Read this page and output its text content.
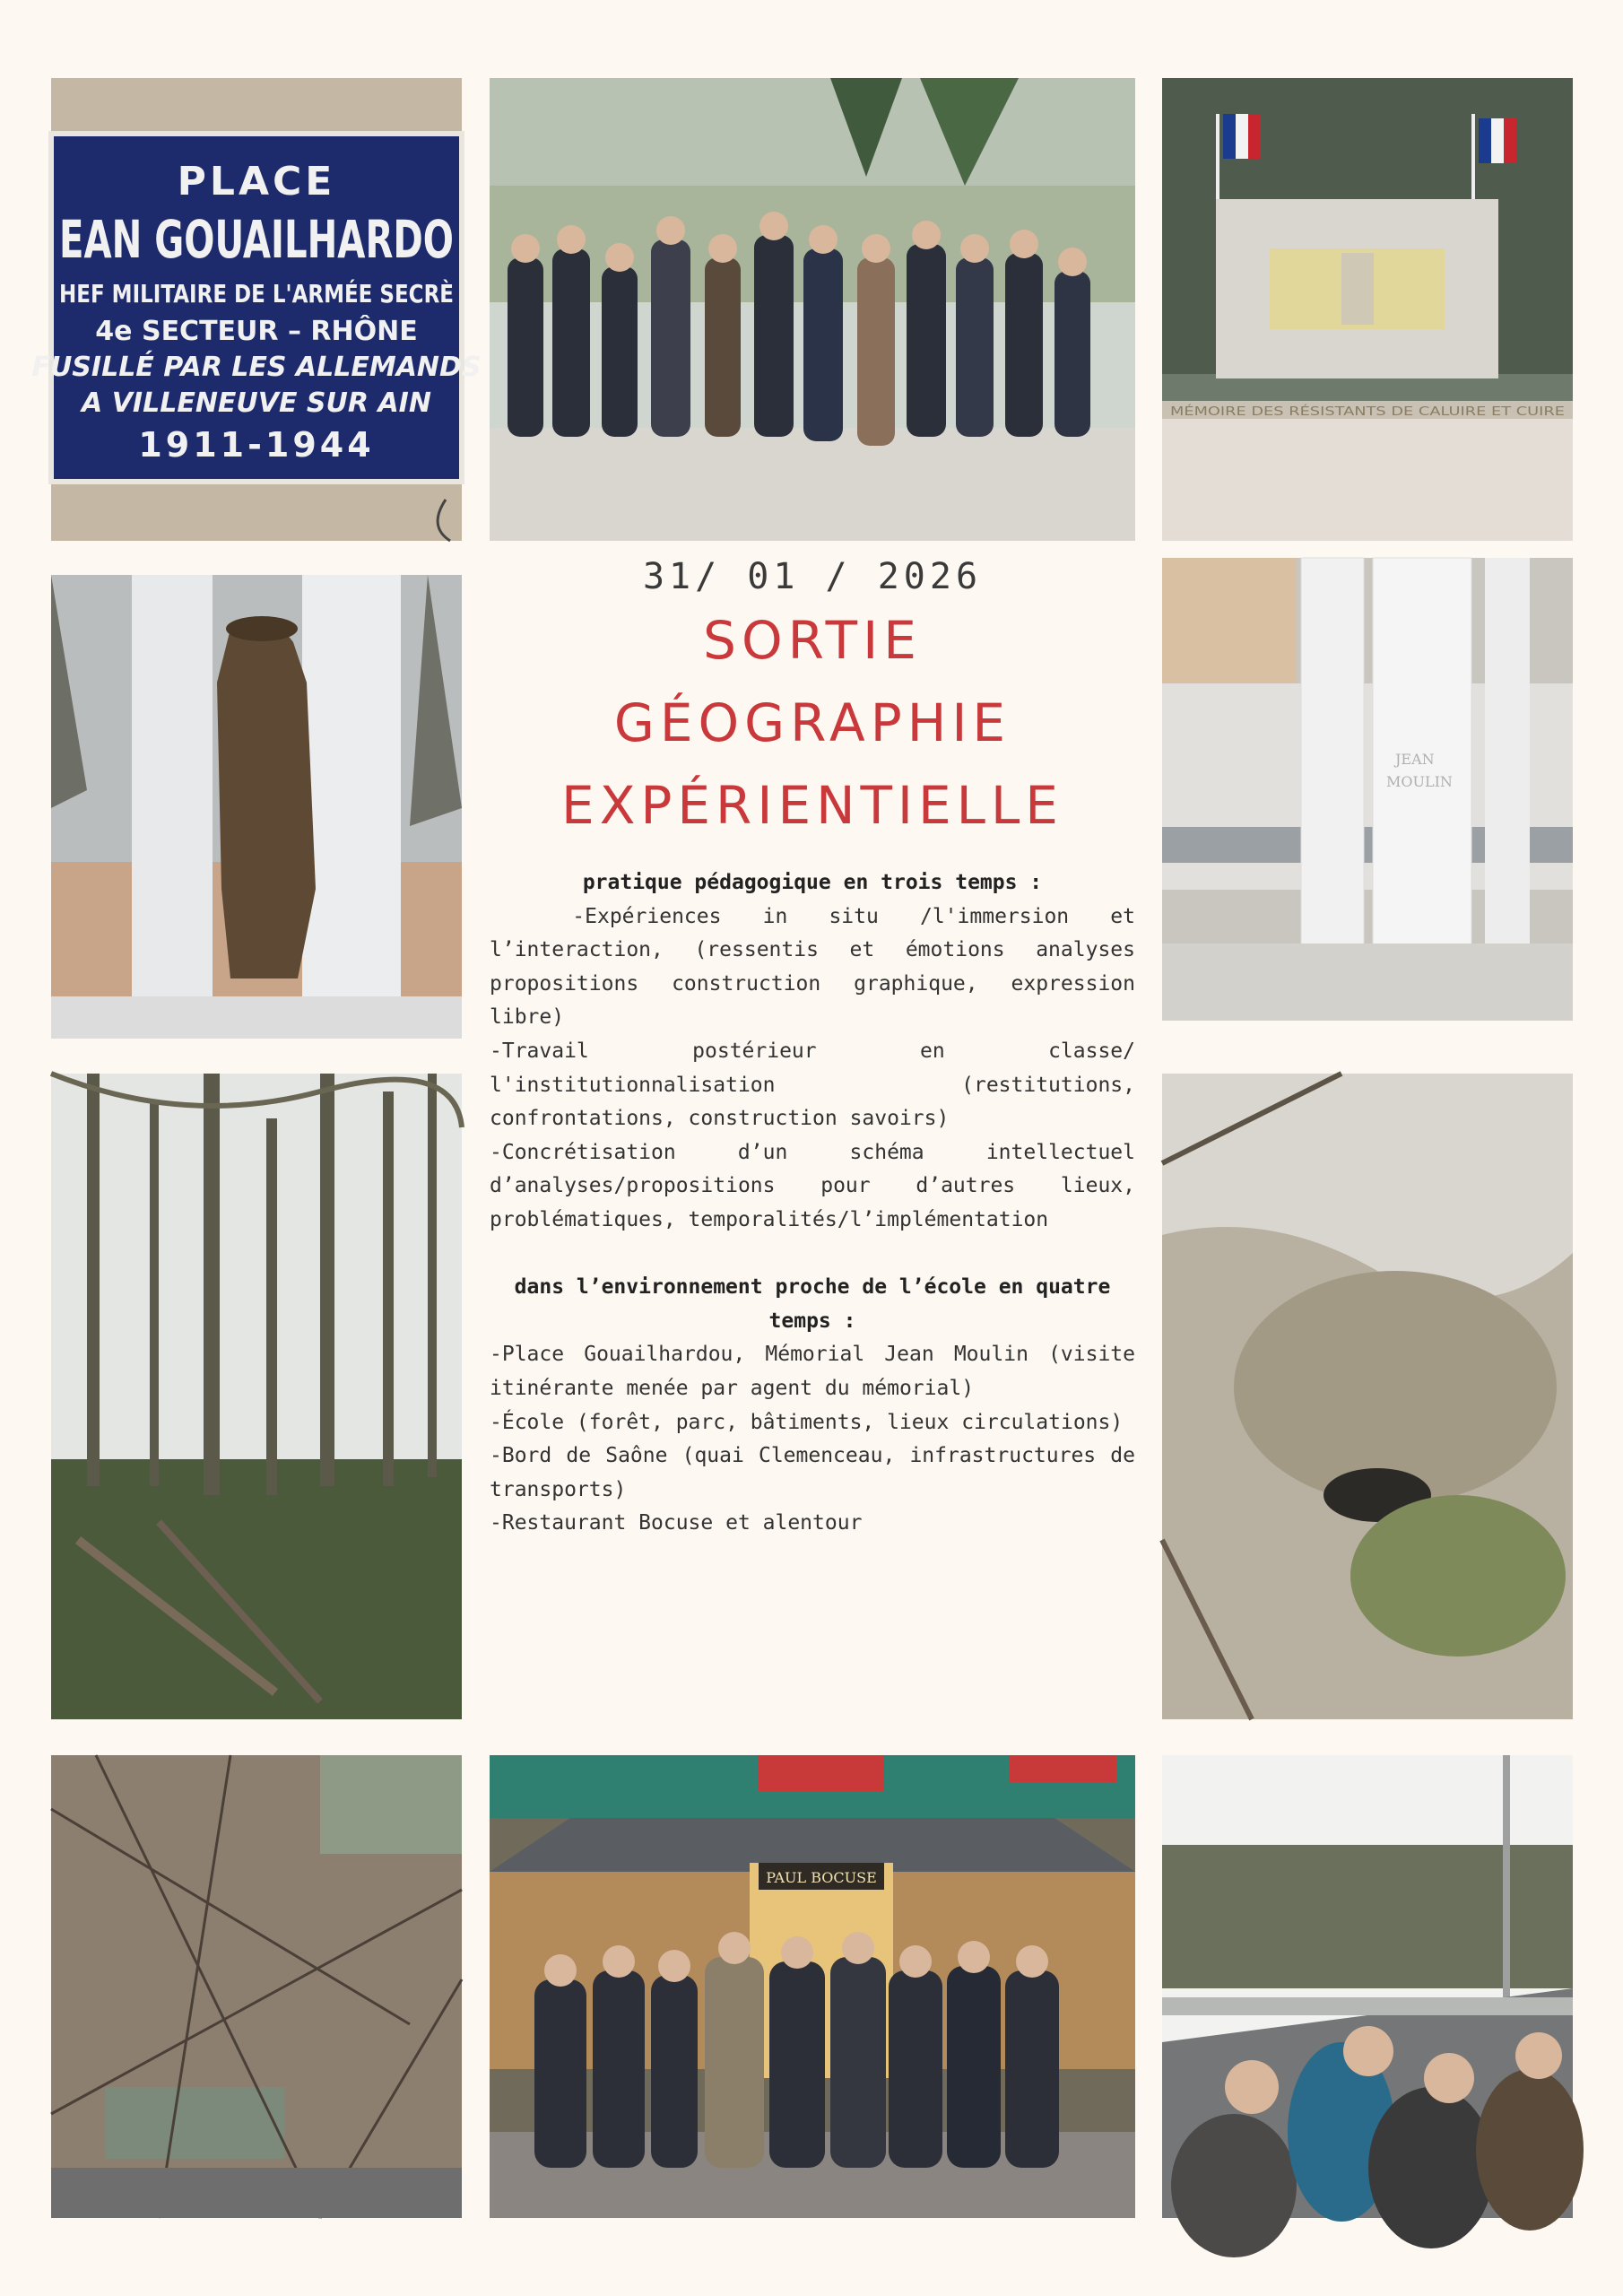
PLACE
EAN GOUAILHARDO
HEF MILITAIRE DE L'ARMÉE SECRÈ
4e SECTEUR – RHÔNE
FUSILLÉ PAR LES ALLEMANDS
A VILLENEUVE SUR AIN
1911-1944
MÉMOIRE DES RÉSISTANTS DE CALUIRE ET CUIRE
JEAN
MOULIN
PAUL BOCUSE
31/ 01 / 2026
SORTIE
GÉOGRAPHIE
EXPÉRIENTIELLE
pratique pédagogique en trois temps :

-Expériences in situ /l'immersion et l’interaction, (ressentis et émotions analyses propositions construction graphique, expression libre)

-Travail postérieur en classe/ l'institutionnalisation (restitutions, confrontations, construction savoirs)

-Concrétisation d’un schéma intellectuel d’analyses/propositions pour d’autres lieux, problématiques, temporalités/l’implémentation

dans l’environnement proche de l’école en quatre temps :

-Place Gouailhardou, Mémorial Jean Moulin (visite itinérante menée par agent du mémorial)

-École (forêt, parc, bâtiments, lieux circulations)

-Bord de Saône (quai Clemenceau, infrastructures de transports)

-Restaurant Bocuse et alentour
